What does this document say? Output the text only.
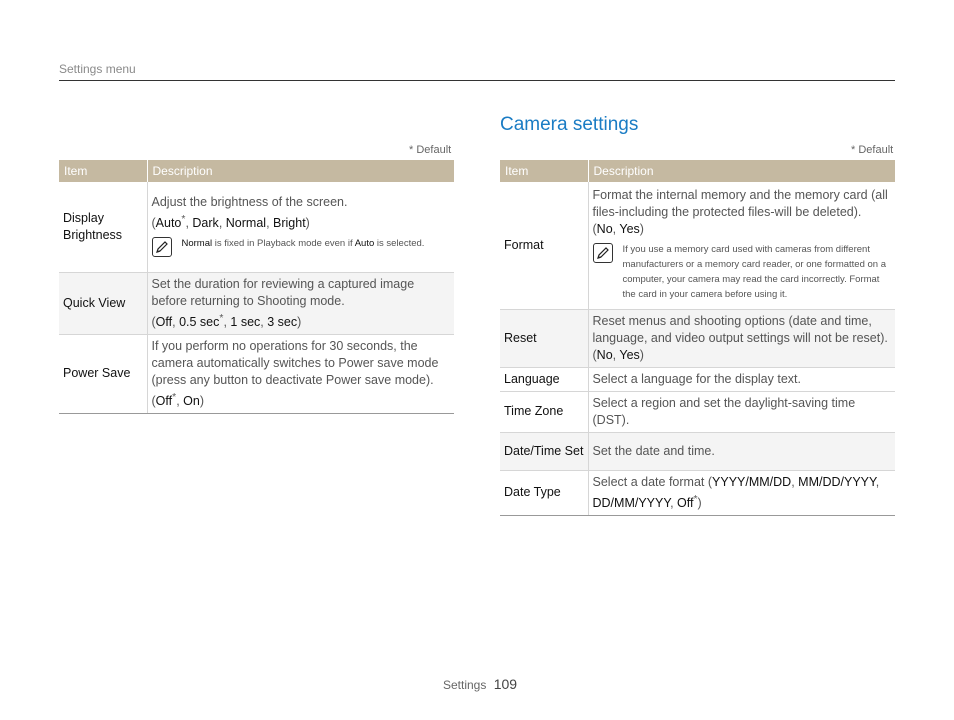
Settings menu
* Default
Item	Description
Display Brightness	Adjust the brightness of the screen.
(Auto*, Dark, Normal, Bright)
Normal is fixed in Playback mode even if Auto is selected.

Quick View	Set the duration for reviewing a captured image before returning to Shooting mode.
(Off, 0.5 sec*, 1 sec, 3 sec)
Power Save	If you perform no operations for 30 seconds, the camera automatically switches to Power save mode (press any button to deactivate Power save mode). (Off*, On)
Camera settings
* Default
Item	Description
Format	Format the internal memory and the memory card (all files-including the protected files-will be deleted).
(No, Yes)
If you use a memory card used with cameras from different manufacturers or a memory card reader, or one formatted on a computer, your camera may read the card incorrectly. Format the card in your camera before using it.

Reset	Reset menus and shooting options (date and time, language, and video output settings will not be reset).
(No, Yes)
Language	Select a language for the display text.
Time Zone	Select a region and set the daylight-saving time (DST).
Date/Time Set	Set the date and time.
Date Type	Select a date format (YYYY/MM/DD, MM/DD/YYYY, DD/MM/YYYY, Off*)
Settings 109
